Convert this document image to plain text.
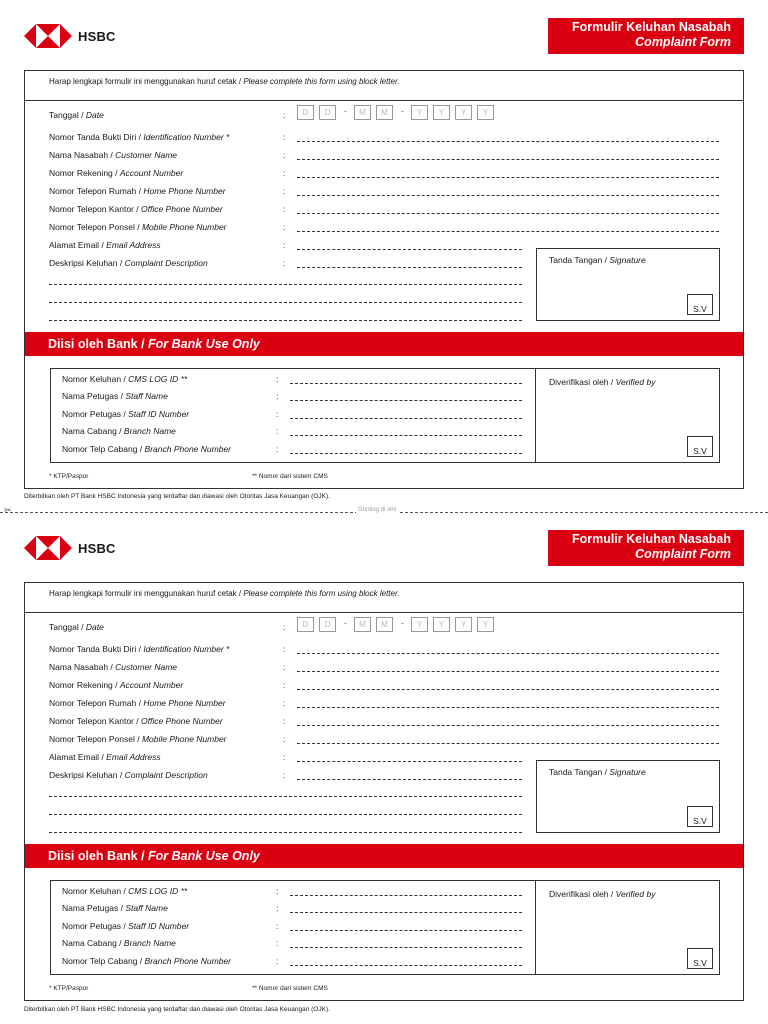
HSBC
Formulir Keluhan Nasabah
Complaint Form
Harap lengkapi formulir ini menggunakan huruf cetak / Please complete this form using block letter.
Tanggal / Date	:	D	D	-	M	M	-	Y	Y	Y	Y
Nomor Tanda Bukti Diri / Identification Number *	:
Nama Nasabah / Customer Name	:
Nomor Rekening / Account Number	:
Nomor Telepon Rumah / Home Phone Number	:
Nomor Telepon Kantor / Office Phone Number	:
Nomor Telepon Ponsel / Mobile Phone Number	:
Alamat Email / Email Address	:
Deskripsi Keluhan / Complaint Description	:	Tanda Tangan / Signature
S.V
Diisi oleh Bank / For Bank Use Only
Nomor Keluhan / CMS LOG ID **	:
Nama Petugas / Staff Name	:
Nomor Petugas / Staff ID Number	:
Nama Cabang / Branch Name	:
Nomor Telp Cabang / Branch Phone Number	:
Diverifikasi oleh / Verified by
S.V
* KTP/Paspor	** Nomor dari sistem CMS
Diterbitkan oleh PT Bank HSBC Indonesia yang terdaftar dan diawasi oleh Otoritas Jasa Keuangan (OJK).
✂	Gunting di sini
HSBC
Formulir Keluhan Nasabah
Complaint Form
Harap lengkapi formulir ini menggunakan huruf cetak / Please complete this form using block letter.
Tanggal / Date	:	D	D	-	M	M	-	Y	Y	Y	Y
Nomor Tanda Bukti Diri / Identification Number *	:
Nama Nasabah / Customer Name	:
Nomor Rekening / Account Number	:
Nomor Telepon Rumah / Home Phone Number	:
Nomor Telepon Kantor / Office Phone Number	:
Nomor Telepon Ponsel / Mobile Phone Number	:
Alamat Email / Email Address	:
Deskripsi Keluhan / Complaint Description	:	Tanda Tangan / Signature
S.V
Diisi oleh Bank / For Bank Use Only
Nomor Keluhan / CMS LOG ID **	:
Nama Petugas / Staff Name	:
Nomor Petugas / Staff ID Number	:
Nama Cabang / Branch Name	:
Nomor Telp Cabang / Branch Phone Number	:
Diverifikasi oleh / Verified by
S.V
* KTP/Paspor	** Nomor dari sistem CMS
Diterbitkan oleh PT Bank HSBC Indonesia yang terdaftar dan diawasi oleh Otoritas Jasa Keuangan (OJK).
